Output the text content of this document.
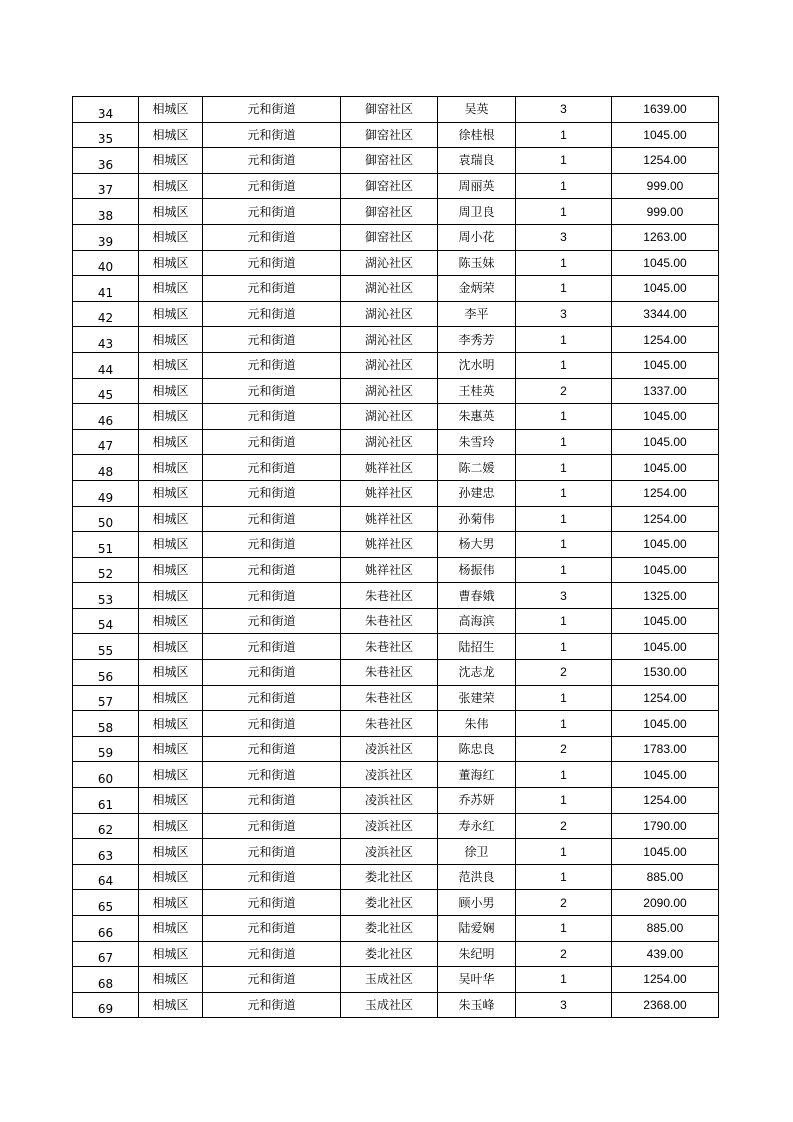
34	相城区	元和街道	御窑社区	吴英	3	1639.00
35	相城区	元和街道	御窑社区	徐桂根	1	1045.00
36	相城区	元和街道	御窑社区	袁瑞良	1	1254.00
37	相城区	元和街道	御窑社区	周丽英	1	999.00
38	相城区	元和街道	御窑社区	周卫良	1	999.00
39	相城区	元和街道	御窑社区	周小花	3	1263.00
40	相城区	元和街道	湖沁社区	陈玉妹	1	1045.00
41	相城区	元和街道	湖沁社区	金炳荣	1	1045.00
42	相城区	元和街道	湖沁社区	李平	3	3344.00
43	相城区	元和街道	湖沁社区	李秀芳	1	1254.00
44	相城区	元和街道	湖沁社区	沈水明	1	1045.00
45	相城区	元和街道	湖沁社区	王桂英	2	1337.00
46	相城区	元和街道	湖沁社区	朱惠英	1	1045.00
47	相城区	元和街道	湖沁社区	朱雪玲	1	1045.00
48	相城区	元和街道	姚祥社区	陈二媛	1	1045.00
49	相城区	元和街道	姚祥社区	孙建忠	1	1254.00
50	相城区	元和街道	姚祥社区	孙菊伟	1	1254.00
51	相城区	元和街道	姚祥社区	杨大男	1	1045.00
52	相城区	元和街道	姚祥社区	杨振伟	1	1045.00
53	相城区	元和街道	朱巷社区	曹春娥	3	1325.00
54	相城区	元和街道	朱巷社区	高海滨	1	1045.00
55	相城区	元和街道	朱巷社区	陆招生	1	1045.00
56	相城区	元和街道	朱巷社区	沈志龙	2	1530.00
57	相城区	元和街道	朱巷社区	张建荣	1	1254.00
58	相城区	元和街道	朱巷社区	朱伟	1	1045.00
59	相城区	元和街道	凌浜社区	陈忠良	2	1783.00
60	相城区	元和街道	凌浜社区	董海红	1	1045.00
61	相城区	元和街道	凌浜社区	乔苏妍	1	1254.00
62	相城区	元和街道	凌浜社区	寿永红	2	1790.00
63	相城区	元和街道	凌浜社区	徐卫	1	1045.00
64	相城区	元和街道	娄北社区	范洪良	1	885.00
65	相城区	元和街道	娄北社区	顾小男	2	2090.00
66	相城区	元和街道	娄北社区	陆爱娴	1	885.00
67	相城区	元和街道	娄北社区	朱纪明	2	439.00
68	相城区	元和街道	玉成社区	吴叶华	1	1254.00
69	相城区	元和街道	玉成社区	朱玉峰	3	2368.00
